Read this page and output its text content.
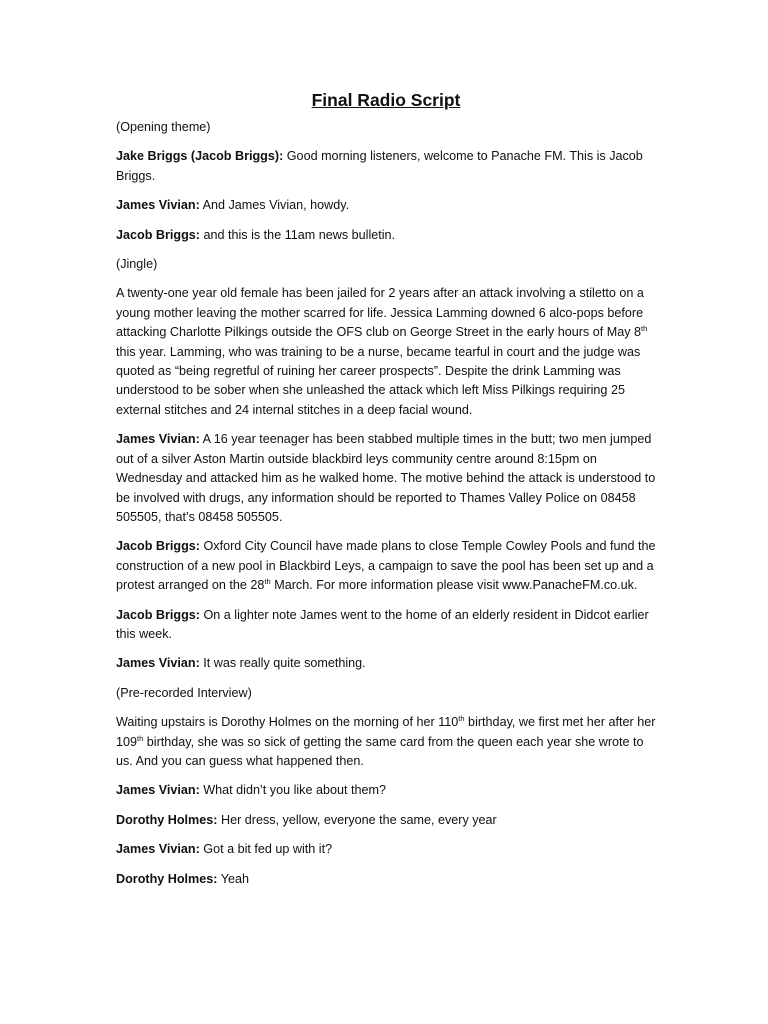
Final Radio Script

(Opening theme)

Jake Briggs (Jacob Briggs): Good morning listeners, welcome to Panache FM. This is Jacob Briggs.

James Vivian: And James Vivian, howdy.

Jacob Briggs: and this is the 11am news bulletin.

(Jingle)

A twenty-one year old female has been jailed for 2 years after an attack involving a stiletto on a young mother leaving the mother scarred for life. Jessica Lamming downed 6 alco-pops before attacking Charlotte Pilkings outside the OFS club on George Street in the early hours of May 8th this year. Lamming, who was training to be a nurse, became tearful in court and the judge was quoted as “being regretful of ruining her career prospects”. Despite the drink Lamming was understood to be sober when she unleashed the attack which left Miss Pilkings requiring 25 external stitches and 24 internal stitches in a deep facial wound.

James Vivian: A 16 year teenager has been stabbed multiple times in the butt; two men jumped out of a silver Aston Martin outside blackbird leys community centre around 8:15pm on Wednesday and attacked him as he walked home. The motive behind the attack is understood to be involved with drugs, any information should be reported to Thames Valley Police on 08458 505505, that’s 08458 505505.

Jacob Briggs: Oxford City Council have made plans to close Temple Cowley Pools and fund the construction of a new pool in Blackbird Leys, a campaign to save the pool has been set up and a protest arranged on the 28th March. For more information please visit www.PanacheFM.co.uk.

Jacob Briggs: On a lighter note James went to the home of an elderly resident in Didcot earlier this week.

James Vivian: It was really quite something.

(Pre-recorded Interview)

Waiting upstairs is Dorothy Holmes on the morning of her 110th birthday, we first met her after her 109th birthday, she was so sick of getting the same card from the queen each year she wrote to us. And you can guess what happened then.

James Vivian: What didn’t you like about them?

Dorothy Holmes: Her dress, yellow, everyone the same, every year

James Vivian: Got a bit fed up with it?

Dorothy Holmes: Yeah
